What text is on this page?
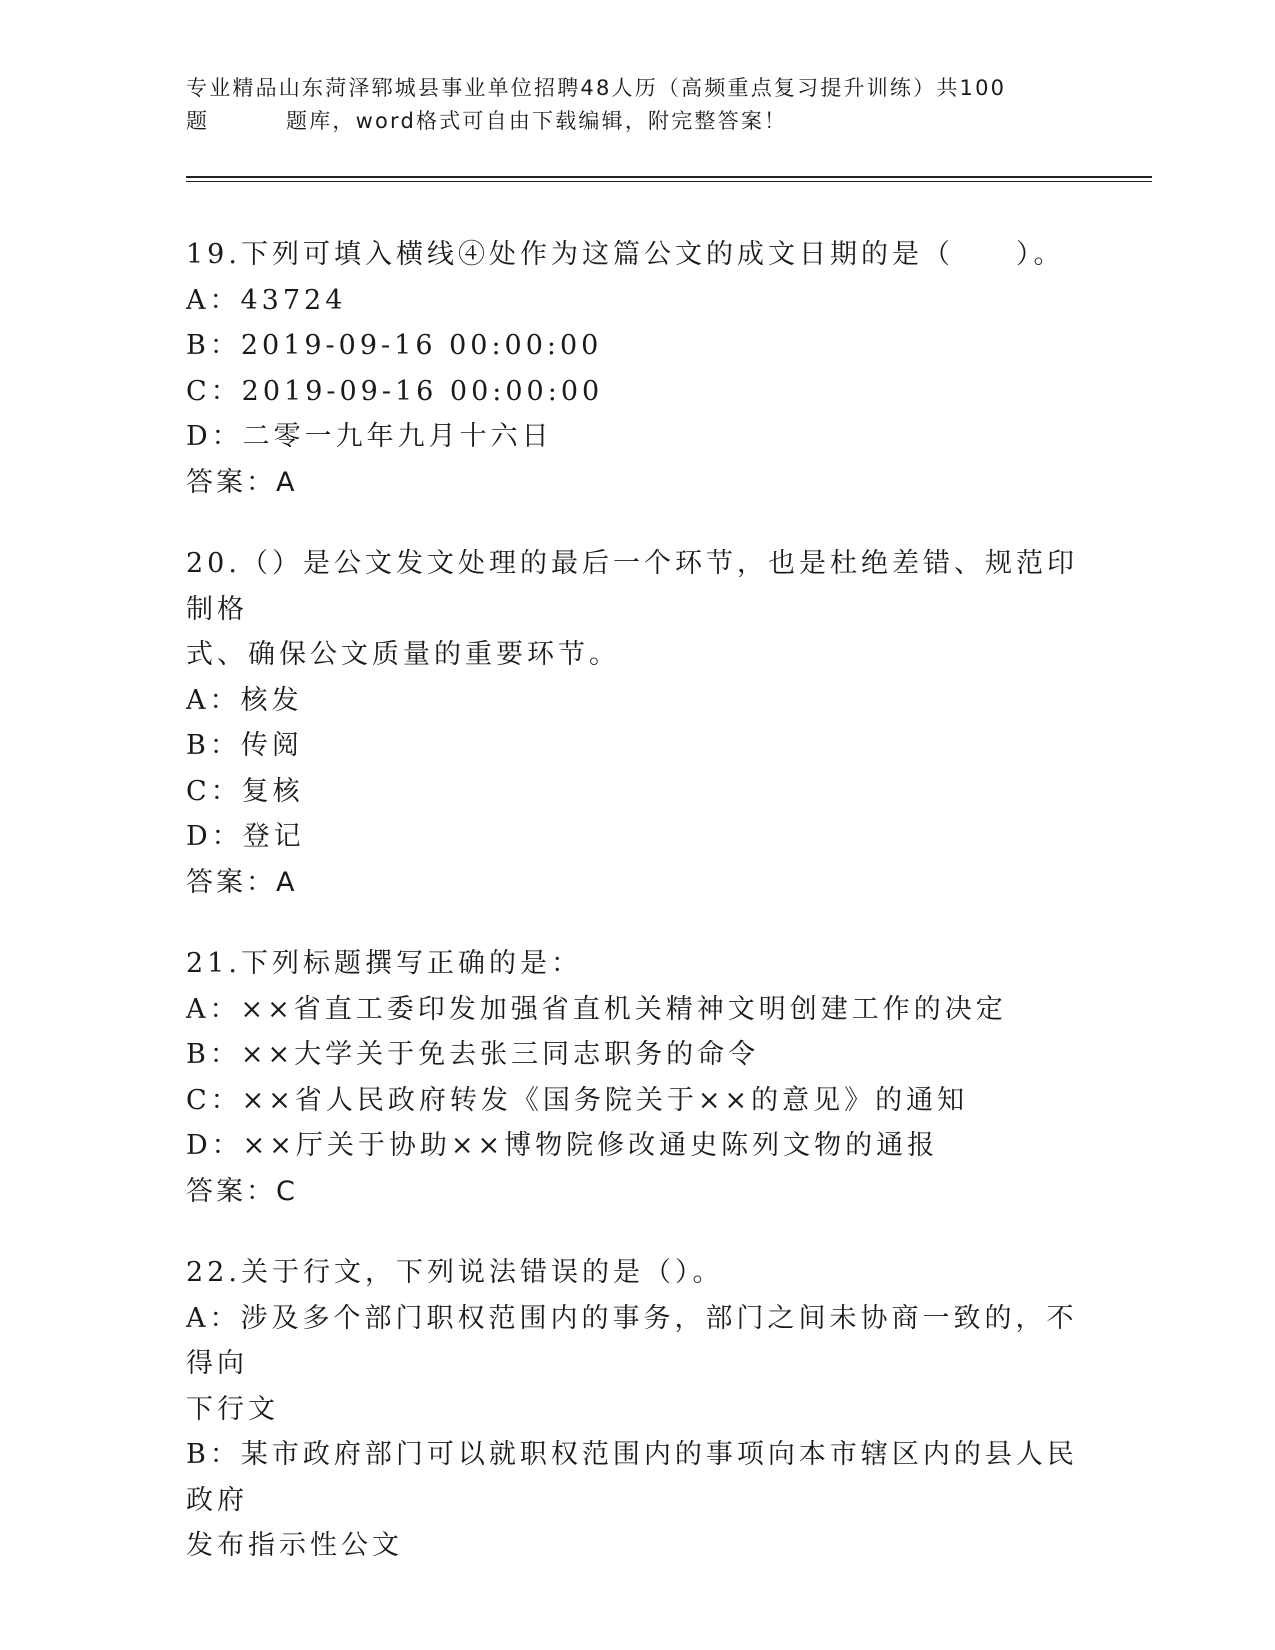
专业精品山东菏泽郓城县事业单位招聘48人历（高频重点复习提升训练）共100
题	题库，word格式可自由下载编辑，附完整答案！
19.下列可填入横线④处作为这篇公文的成文日期的是（　　）。
A：43724
B：2019-09-16 00:00:00
C：2019-09-16 00:00:00
D：二零一九年九月十六日
答案：A
20.（）是公文发文处理的最后一个环节，也是杜绝差错、规范印制格
式、确保公文质量的重要环节。
A：核发
B：传阅
C：复核
D：登记
答案：A
21.下列标题撰写正确的是：
A：××省直工委印发加强省直机关精神文明创建工作的决定
B：××大学关于免去张三同志职务的命令
C：××省人民政府转发《国务院关于××的意见》的通知
D：××厅关于协助××博物院修改通史陈列文物的通报
答案：C
22.关于行文，下列说法错误的是（）。
A：涉及多个部门职权范围内的事务，部门之间未协商一致的，不得向
下行文
B：某市政府部门可以就职权范围内的事项向本市辖区内的县人民政府
发布指示性公文
